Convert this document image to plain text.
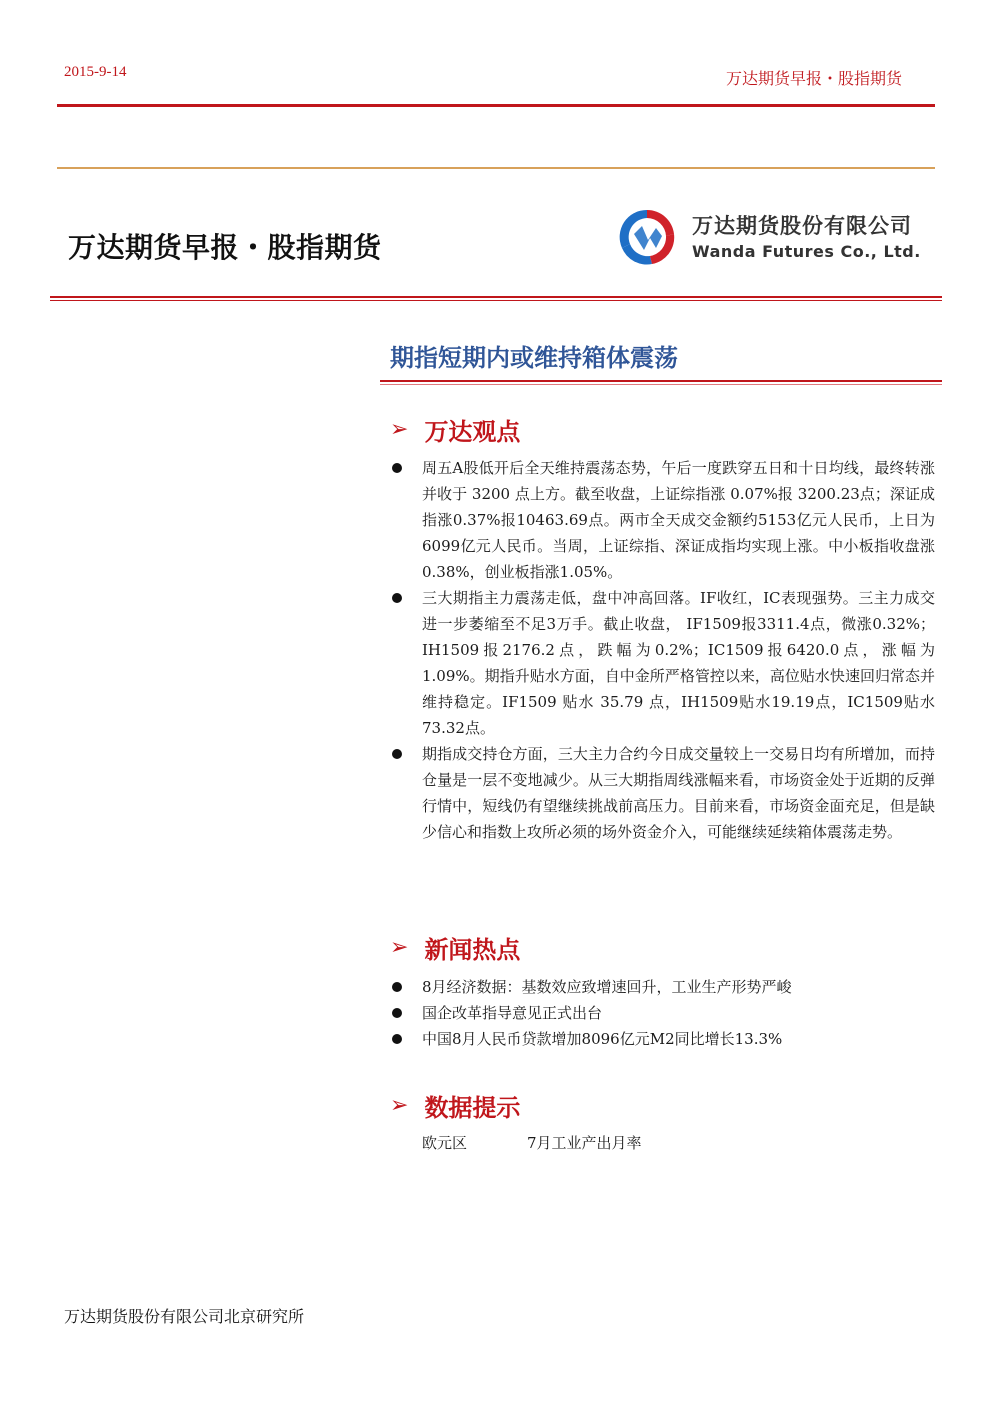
2015-9-14	万达期货早报・股指期货
万达期货早报・股指期货
万达期货股份有限公司
Wanda Futures Co., Ltd.
期指短期内或维持箱体震荡
➢ 万达观点
周五A股低开后全天维持震荡态势，午后一度跌穿五日和十日均线，最终转涨并收于 3200 点上方。截至收盘，上证综指涨 0.07%报 3200.23点；深证成指涨0.37%报10463.69点。两市全天成交金额约5153亿元人民币，上日为6099亿元人民币。当周，上证综指、深证成指均实现上涨。中小板指收盘涨0.38%，创业板指涨1.05%。
三大期指主力震荡走低，盘中冲高回落。IF收红，IC表现强势。三主力成交进一步萎缩至不足3万手。截止收盘， IF1509报3311.4点，微涨0.32%；IH1509报2176.2点，跌幅为0.2%；IC1509报6420.0点，涨幅为 1.09%。期指升贴水方面，自中金所严格管控以来，高位贴水快速回归常态并维持稳定。IF1509 贴水 35.79 点，IH1509贴水19.19点，IC1509贴水73.32点。
期指成交持仓方面，三大主力合约今日成交量较上一交易日均有所增加，而持仓量是一层不变地减少。从三大期指周线涨幅来看，市场资金处于近期的反弹行情中，短线仍有望继续挑战前高压力。目前来看，市场资金面充足，但是缺少信心和指数上攻所必须的场外资金介入，可能继续延续箱体震荡走势。
➢ 新闻热点
8月经济数据：基数效应致增速回升，工业生产形势严峻
国企改革指导意见正式出台
中国8月人民币贷款增加8096亿元M2同比增长13.3%
➢ 数据提示
欧元区	7月工业产出月率
万达期货股份有限公司北京研究所
